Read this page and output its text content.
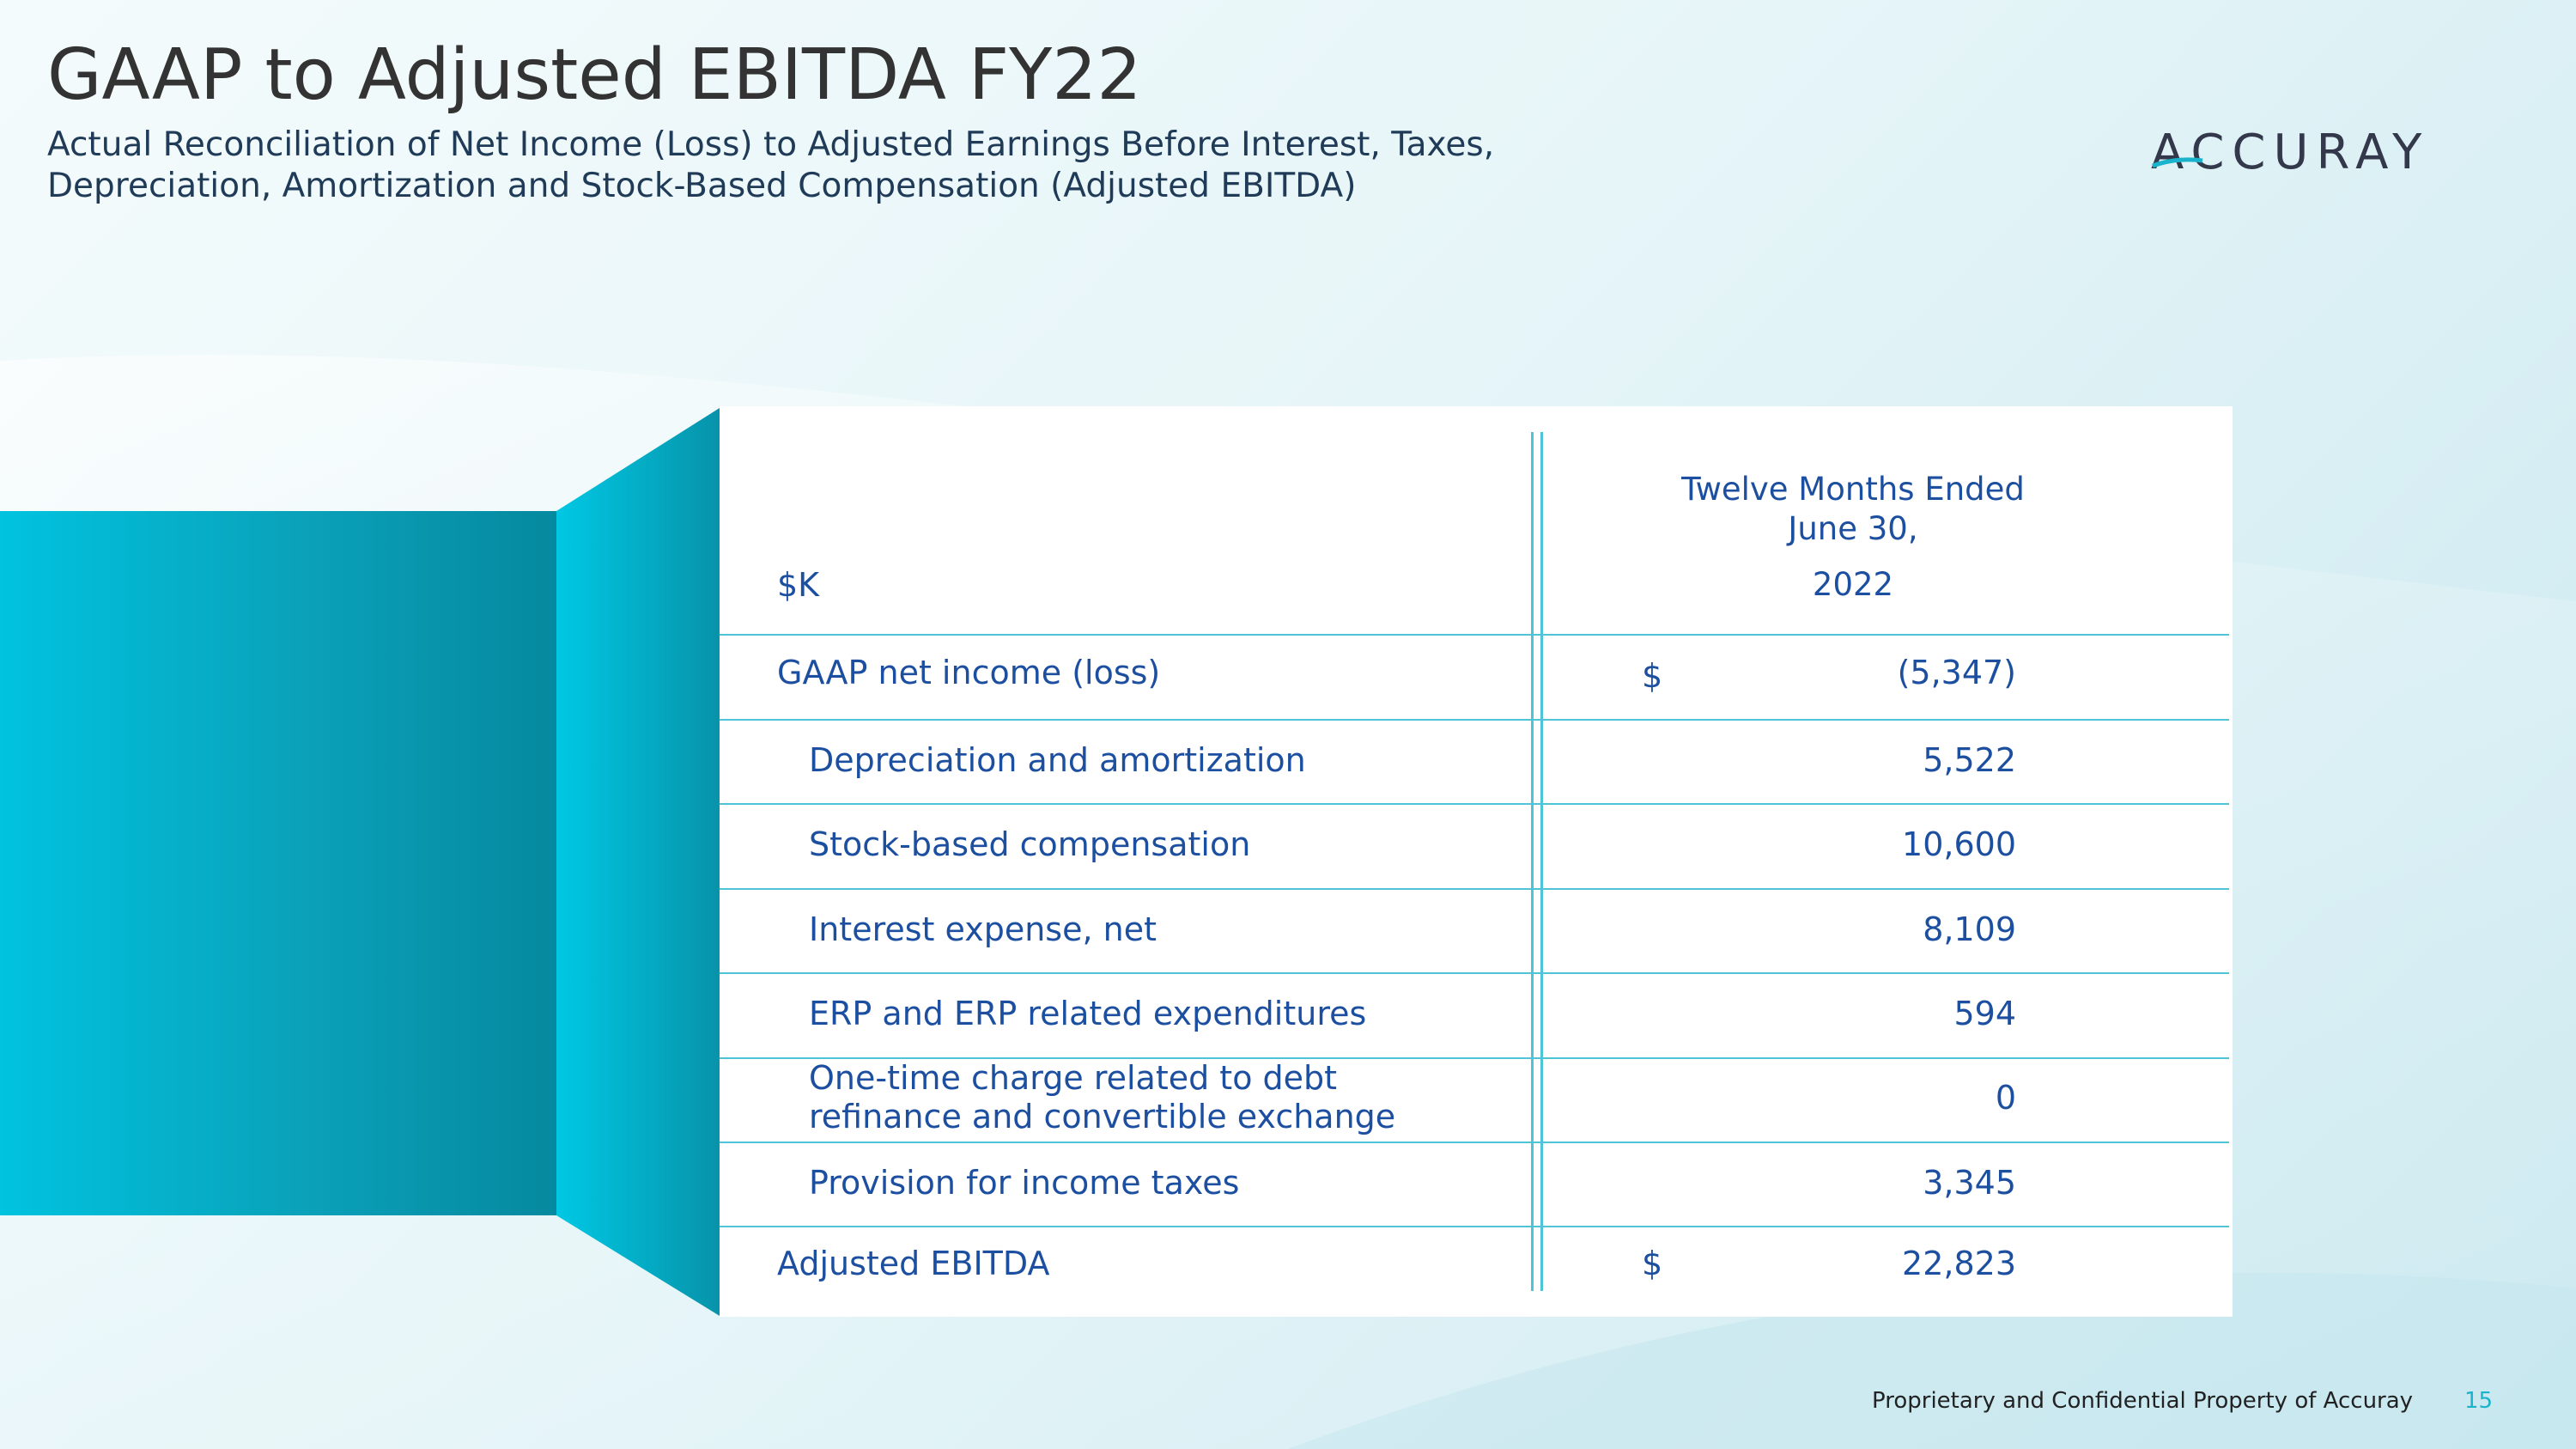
GAAP to Adjusted EBITDA FY22
Actual Reconciliation of Net Income (Loss) to Adjusted Earnings Before Interest, Taxes,
Depreciation, Amortization and Stock-Based Compensation (Adjusted EBITDA)
ACCURAY
Twelve Months Ended
June 30,
2022
$K
GAAP net income (loss)	$	(5,347)
Depreciation and amortization	5,522
Stock-based compensation	10,600
Interest expense, net	8,109
ERP and ERP related expenditures	594
One-time charge related to debt
refinance and convertible exchange	0
Provision for income taxes	3,345
Adjusted EBITDA	$	22,823
Proprietary and Confidential Property of Accuray 15
